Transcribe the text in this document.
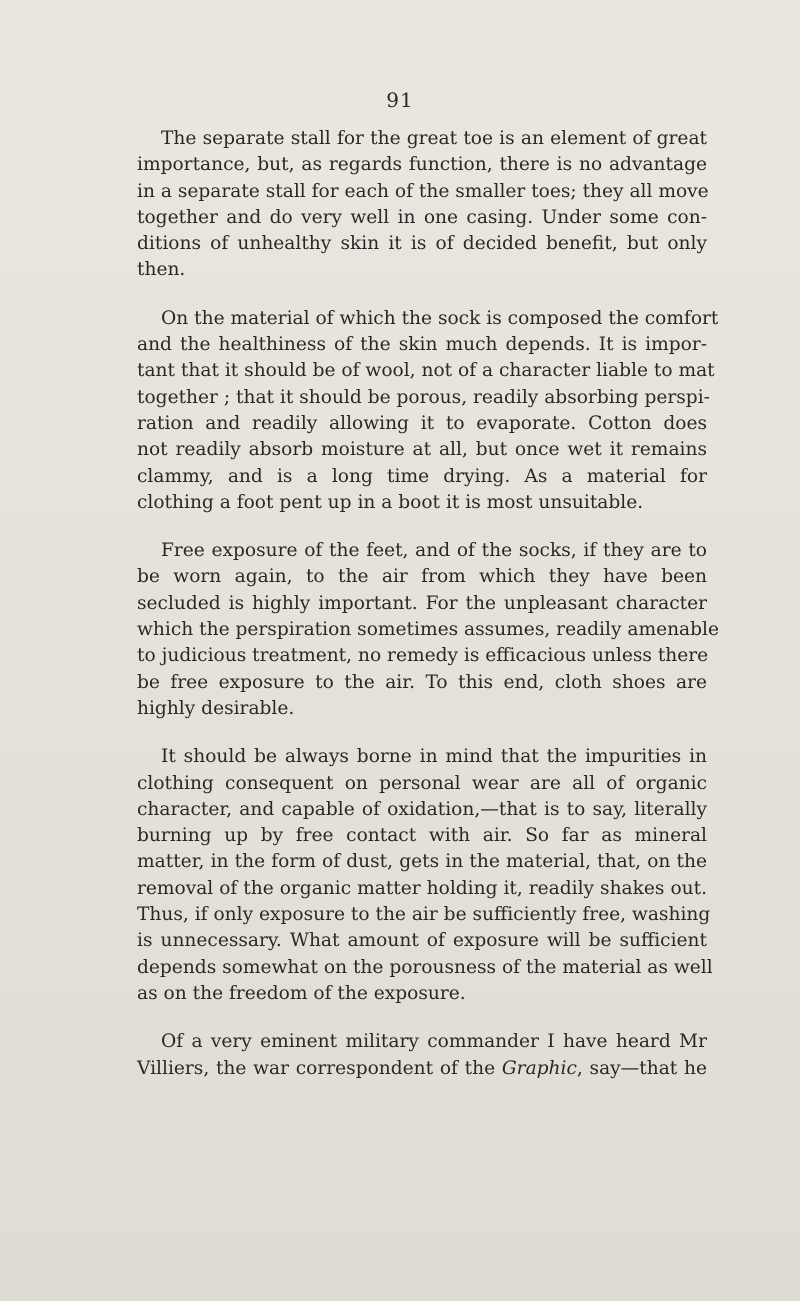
91
The separate stall for the great toe is an element of great
importance, but, as regards function, there is no advantage
in a separate stall for each of the smaller toes; they all move
together and do very well in one casing. Under some con-
ditions of unhealthy skin it is of decided benefit, but only
then.
On the material of which the sock is composed the comfort
and the healthiness of the skin much depends. It is impor-
tant that it should be of wool, not of a character liable to mat
together ; that it should be porous, readily absorbing perspi-
ration and readily allowing it to evaporate. Cotton does
not readily absorb moisture at all, but once wet it remains
clammy, and is a long time drying. As a material for
clothing a foot pent up in a boot it is most unsuitable.
Free exposure of the feet, and of the socks, if they are to
be worn again, to the air from which they have been
secluded is highly important. For the unpleasant character
which the perspiration sometimes assumes, readily amenable
to judicious treatment, no remedy is efficacious unless there
be free exposure to the air. To this end, cloth shoes are
highly desirable.
It should be always borne in mind that the impurities in
clothing consequent on personal wear are all of organic
character, and capable of oxidation,—that is to say, literally
burning up by free contact with air. So far as mineral
matter, in the form of dust, gets in the material, that, on the
removal of the organic matter holding it, readily shakes out.
Thus, if only exposure to the air be sufficiently free, washing
is unnecessary. What amount of exposure will be sufficient
depends somewhat on the porousness of the material as well
as on the freedom of the exposure.
Of a very eminent military commander I have heard Mr
Villiers, the war correspondent of the Graphic, say—that he
